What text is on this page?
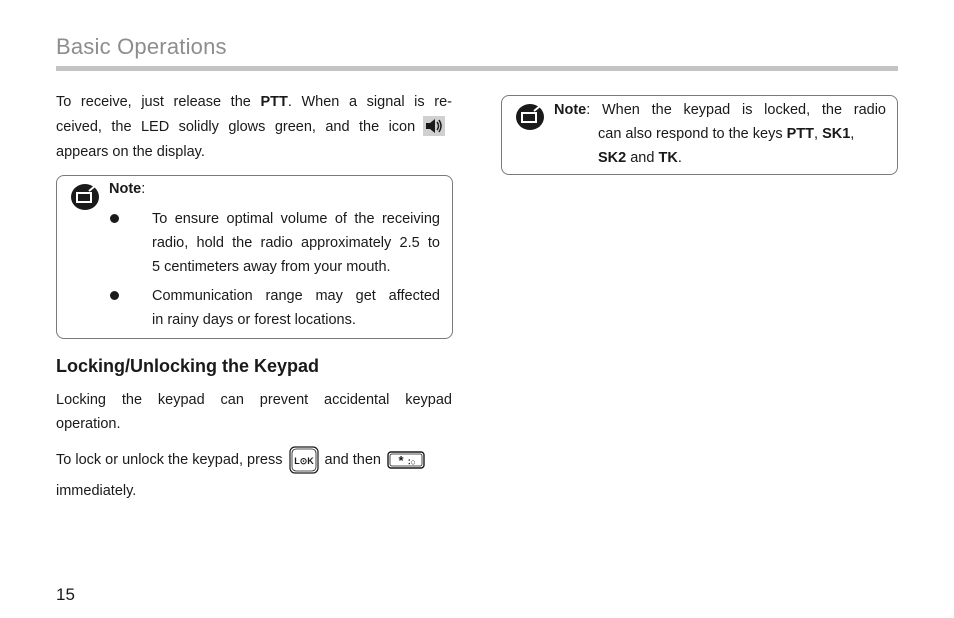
Basic Operations
To receive, just release the PTT. When a signal is re-
ceived, the LED solidly glows green, and the icon
appears on the display.
Note:
To ensure optimal volume of the receiving
radio, hold the radio approximately 2.5 to
5 centimeters away from your mouth.
Communication range may get affected
in rainy days or forest locations.
Locking/Unlocking the Keypad
Locking the keypad can prevent accidental keypad
operation.
To lock or unlock the keypad, press L⊙K and then * ∶○
immediately.
Note: When the keypad is locked, the radio
can also respond to the keys PTT, SK1,
SK2 and TK.
15
